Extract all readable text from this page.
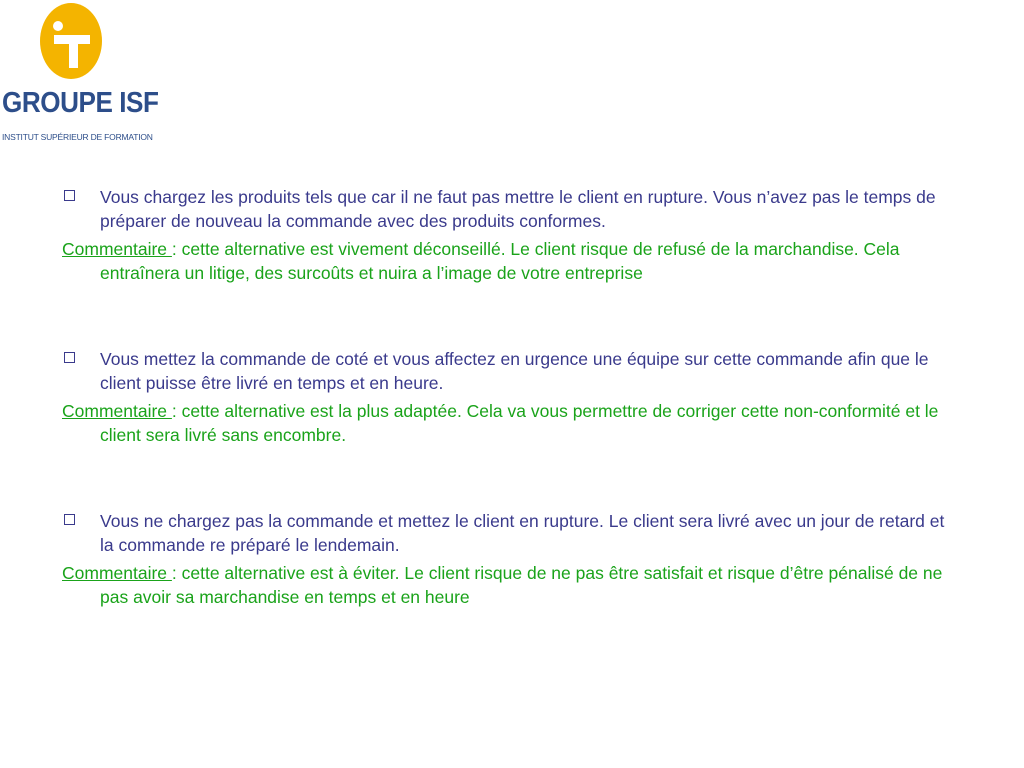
GROUPE ISF
INSTITUT SUPÉRIEUR DE FORMATION
Vous chargez les produits tels que car il ne faut pas mettre le client en rupture. Vous n’avez pas le temps de préparer de nouveau la commande avec des produits conformes.
Commentaire : cette alternative est vivement déconseillé. Le client risque de refusé de la marchandise. Cela entraînera un litige, des surcoûts et nuira a l’image de votre entreprise
Vous mettez la commande de coté et vous affectez en urgence une équipe sur cette commande afin que le client puisse être livré en temps et en heure.
Commentaire : cette alternative est la plus adaptée. Cela va vous permettre de corriger cette non-conformité et le client sera livré sans encombre.
Vous ne chargez pas la commande et mettez le client en rupture. Le client sera livré avec un jour de retard et la commande re préparé le lendemain.
Commentaire : cette alternative est à éviter. Le client risque de ne pas être satisfait et risque d’être pénalisé de ne pas avoir sa marchandise en temps et en heure
